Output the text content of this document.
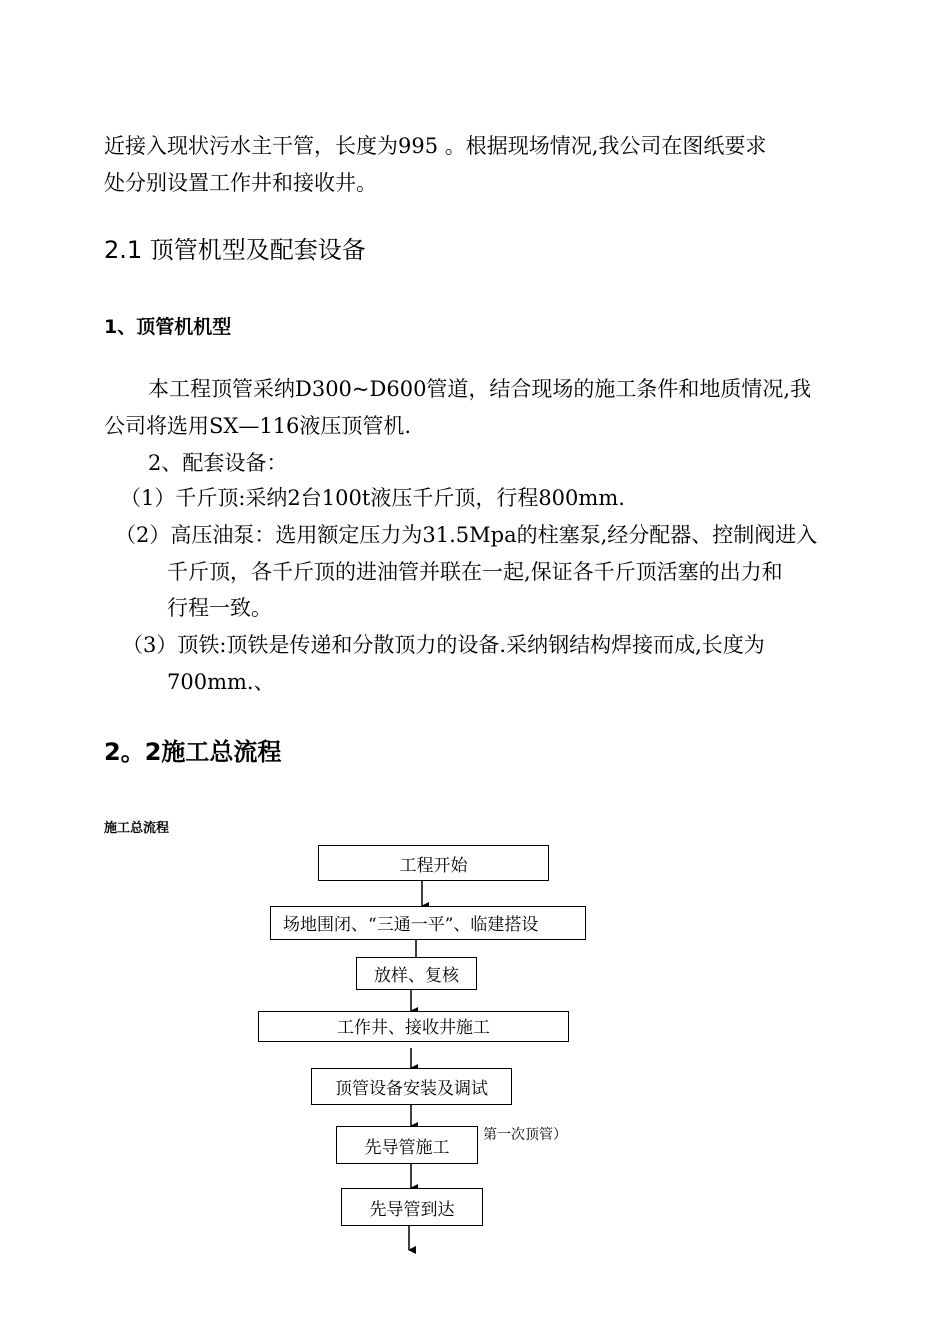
近接入现状污水主干管，长度为995 。根据现场情况,我公司在图纸要求
处分别设置工作井和接收井。
2.1 顶管机型及配套设备
1、顶管机机型
本工程顶管采纳D300~D600管道，结合现场的施工条件和地质情况,我
公司将选用SX—116液压顶管机.
2、配套设备：
（1）千斤顶:采纳2台100t液压千斤顶，行程800mm.
（2）高压油泵：选用额定压力为31.5Mpa的柱塞泵,经分配器、控制阀进入
千斤顶，各千斤顶的进油管并联在一起,保证各千斤顶活塞的出力和
行程一致。
（3）顶铁:顶铁是传递和分散顶力的设备.采纳钢结构焊接而成,长度为
700mm.、
2。2施工总流程
施工总流程
工程开始
场地围闭、“三通一平”、临建搭设
放样、复核
工作井、接收井施工
顶管设备安装及调试
先导管施工
第一次顶管）
先导管到达
